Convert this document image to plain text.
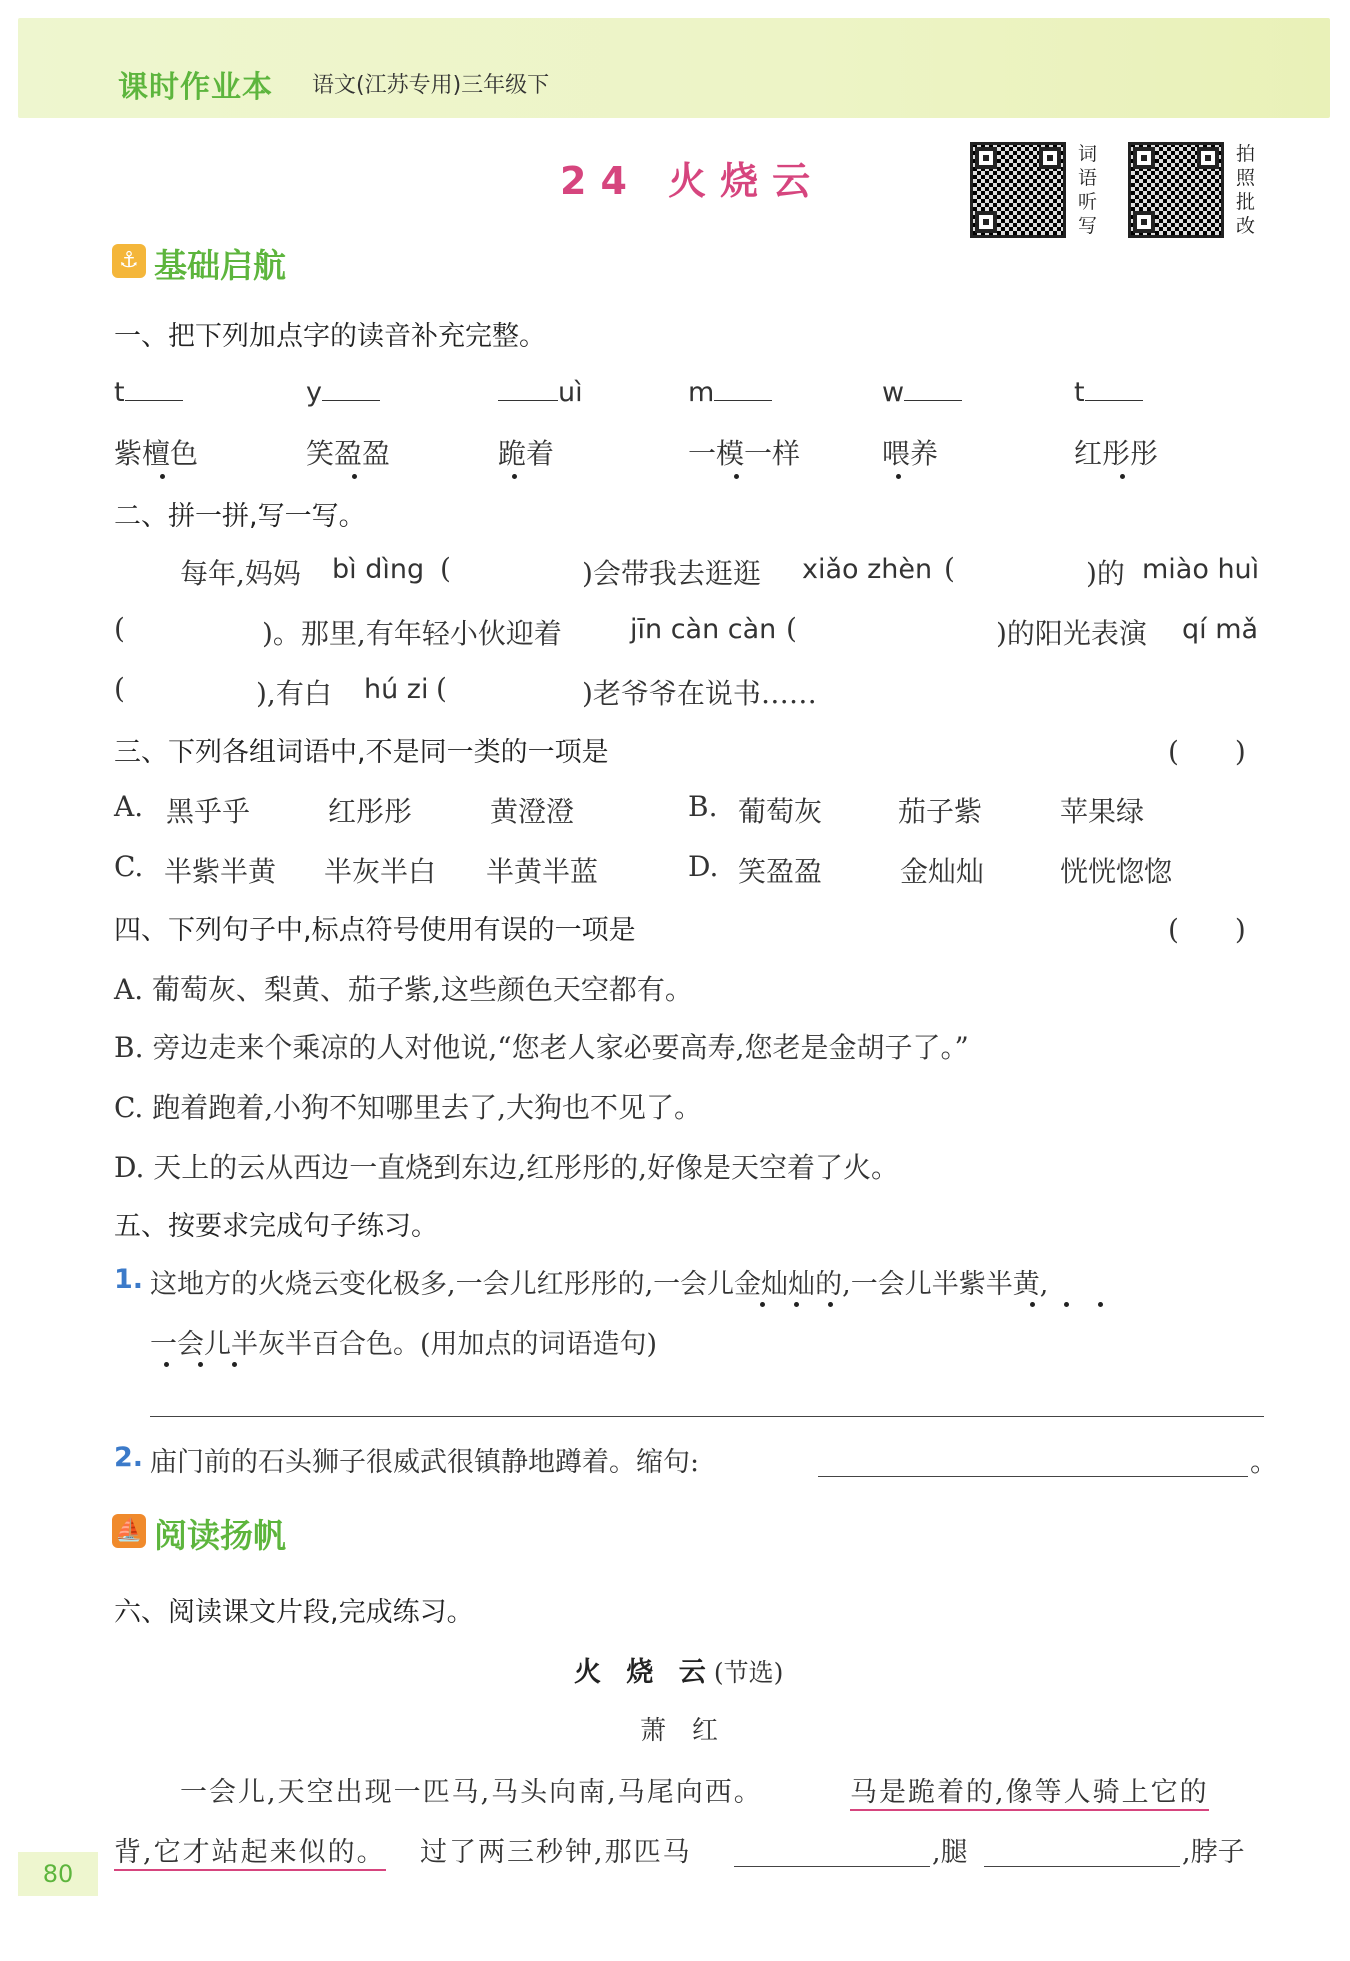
课时作业本 语文(江苏专用)三年级下
24 火烧云
词
语
听
写
拍
照
批
改
⚓ 基础启航
一、把下列加点字的读音补充完整。
t	y	uì	m	w	t
紫檀色	笑盈盈	跪着	一模一样	喂养	红彤彤
二、拼一拼,写一写。
每年,妈妈 bì dìng (	)会带我去逛逛 xiǎo zhèn (	)的 miào huì
(	)。那里,有年轻小伙迎着	jīn càn càn (	)的阳光表演 qí mǎ
(	),有白 hú zi (	)老爷爷在说书……
三、下列各组词语中,不是同一类的一项是	(　　)
A. 黑乎乎	红彤彤	黄澄澄	B. 葡萄灰	茄子紫	苹果绿
C. 半紫半黄 半灰半白 半黄半蓝	D. 笑盈盈	金灿灿	恍恍惚惚
四、下列句子中,标点符号使用有误的一项是	(　　)
A. 葡萄灰、梨黄、茄子紫,这些颜色天空都有。
B. 旁边走来个乘凉的人对他说,“您老人家必要高寿,您老是金胡子了。”
C. 跑着跑着,小狗不知哪里去了,大狗也不见了。
D. 天上的云从西边一直烧到东边,红彤彤的,好像是天空着了火。
五、按要求完成句子练习。
1. 这地方的火烧云变化极多,一会儿红彤彤的,一会儿金灿灿的,一会儿半紫半黄,
一会儿半灰半百合色。(用加点的词语造句)
2. 庙门前的石头狮子很威武很镇静地蹲着。缩句:	。
⛵ 阅读扬帆
六、阅读课文片段,完成练习。
火 烧 云(节选)
萧　红
一会儿,天空出现一匹马,马头向南,马尾向西。	马是跪着的,像等人骑上它的
背,它才站起来似的。 过了两三秒钟,那匹马	,腿	,脖子
80
